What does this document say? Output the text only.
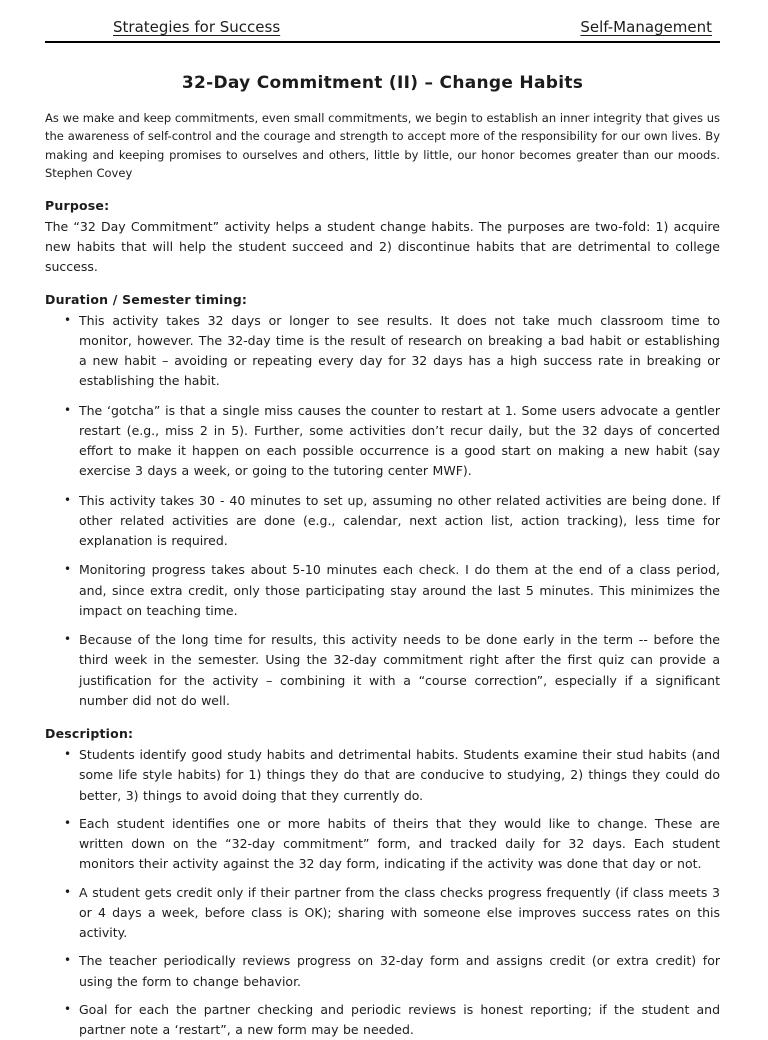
Strategies for Success	Self-Management
32-Day Commitment (II) – Change Habits

As we make and keep commitments, even small commitments, we begin to establish an inner integrity that gives us the awareness of self-control and the courage and strength to accept more of the responsibility for our own lives. By making and keeping promises to ourselves and others, little by little, our honor becomes greater than our moods. Stephen Covey

Purpose:

The “32 Day Commitment” activity helps a student change habits. The purposes are two-fold: 1) acquire new habits that will help the student succeed and 2) discontinue habits that are detrimental to college success.

Duration / Semester timing:
• This activity takes 32 days or longer to see results. It does not take much classroom time to monitor, however. The 32-day time is the result of research on breaking a bad habit or establishing a new habit – avoiding or repeating every day for 32 days has a high success rate in breaking or establishing the habit.
• The ‘gotcha” is that a single miss causes the counter to restart at 1. Some users advocate a gentler restart (e.g., miss 2 in 5). Further, some activities don’t recur daily, but the 32 days of concerted effort to make it happen on each possible occurrence is a good start on making a new habit (say exercise 3 days a week, or going to the tutoring center MWF).
• This activity takes 30 - 40 minutes to set up, assuming no other related activities are being done. If other related activities are done (e.g., calendar, next action list, action tracking), less time for explanation is required.
• Monitoring progress takes about 5-10 minutes each check. I do them at the end of a class period, and, since extra credit, only those participating stay around the last 5 minutes. This minimizes the impact on teaching time.
• Because of the long time for results, this activity needs to be done early in the term -- before the third week in the semester. Using the 32-day commitment right after the first quiz can provide a justification for the activity – combining it with a “course correction”, especially if a significant number did not do well.
Description:
• Students identify good study habits and detrimental habits. Students examine their stud habits (and some life style habits) for 1) things they do that are conducive to studying, 2) things they could do better, 3) things to avoid doing that they currently do.
• Each student identifies one or more habits of theirs that they would like to change. These are written down on the “32-day commitment” form, and tracked daily for 32 days. Each student monitors their activity against the 32 day form, indicating if the activity was done that day or not.
• A student gets credit only if their partner from the class checks progress frequently (if class meets 3 or 4 days a week, before class is OK); sharing with someone else improves success rates on this activity.
• The teacher periodically reviews progress on 32-day form and assigns credit (or extra credit) for using the form to change behavior.
• Goal for each the partner checking and periodic reviews is honest reporting; if the student and partner note a ‘restart”, a new form may be needed.
